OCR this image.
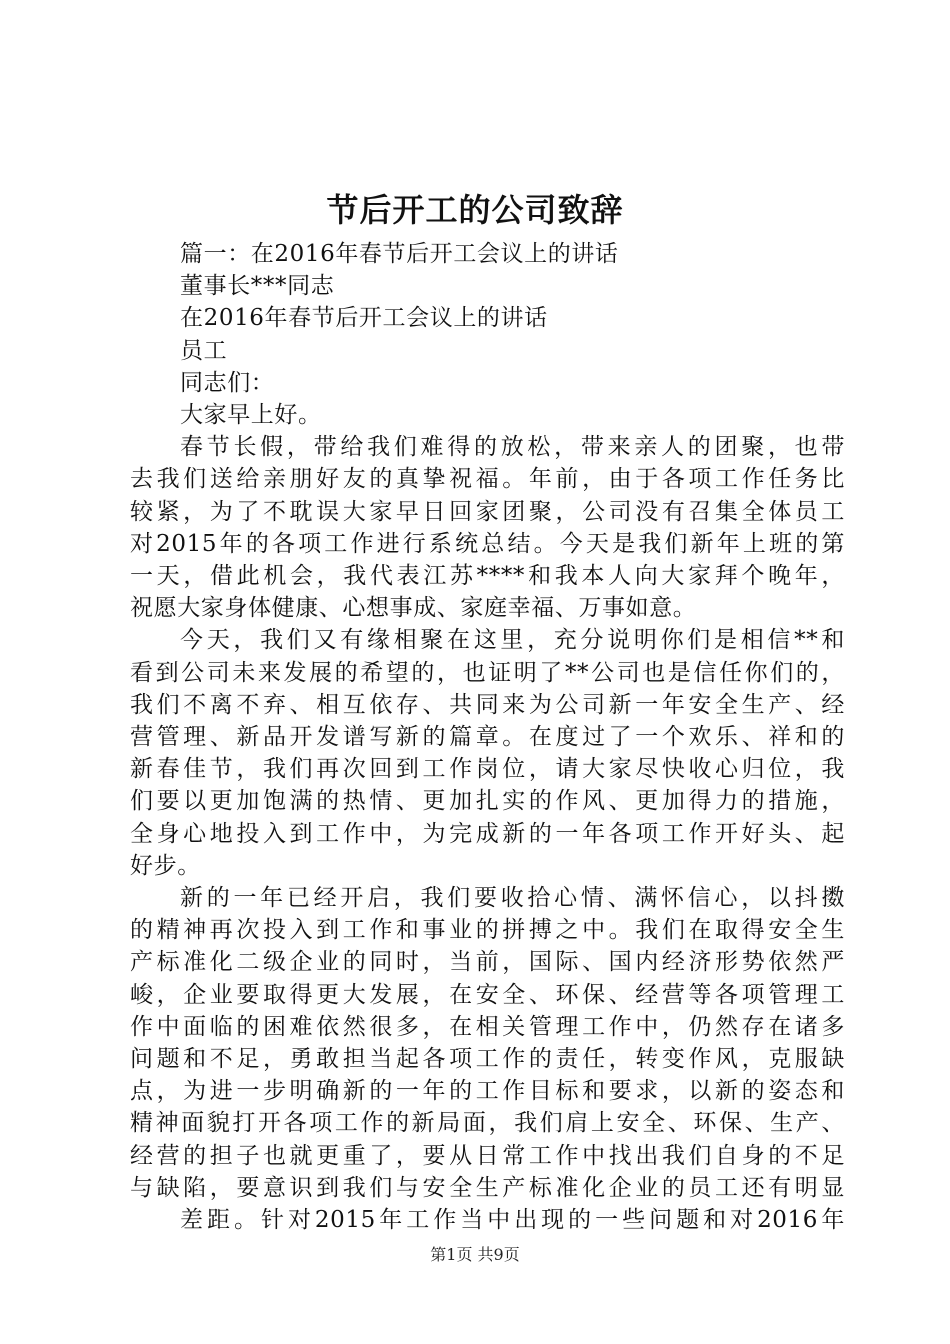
节后开工的公司致辞
篇一：在2016年春节后开工会议上的讲话
董事长***同志
在2016年春节后开工会议上的讲话
员工
同志们：
大家早上好。
春节长假，带给我们难得的放松，带来亲人的团聚，也带
去我们送给亲朋好友的真挚祝福。年前，由于各项工作任务比
较紧，为了不耽误大家早日回家团聚，公司没有召集全体员工
对2015年的各项工作进行系统总结。今天是我们新年上班的第
一天，借此机会，我代表江苏****和我本人向大家拜个晚年，
祝愿大家身体健康、心想事成、家庭幸福、万事如意。
今天，我们又有缘相聚在这里，充分说明你们是相信**和
看到公司未来发展的希望的，也证明了**公司也是信任你们的，
我们不离不弃、相互依存、共同来为公司新一年安全生产、经
营管理、新品开发谱写新的篇章。在度过了一个欢乐、祥和的
新春佳节，我们再次回到工作岗位，请大家尽快收心归位，我
们要以更加饱满的热情、更加扎实的作风、更加得力的措施，
全身心地投入到工作中，为完成新的一年各项工作开好头、起
好步。
新的一年已经开启，我们要收拾心情、满怀信心，以抖擞
的精神再次投入到工作和事业的拼搏之中。我们在取得安全生
产标准化二级企业的同时，当前，国际、国内经济形势依然严
峻，企业要取得更大发展，在安全、环保、经营等各项管理工
作中面临的困难依然很多，在相关管理工作中，仍然存在诸多
问题和不足，勇敢担当起各项工作的责任，转变作风，克服缺
点，为进一步明确新的一年的工作目标和要求，以新的姿态和
精神面貌打开各项工作的新局面，我们肩上安全、环保、生产、
经营的担子也就更重了，要从日常工作中找出我们自身的不足
与缺陷，要意识到我们与安全生产标准化企业的员工还有明显
差距。针对2015年工作当中出现的一些问题和对2016年
第1页 共9页
